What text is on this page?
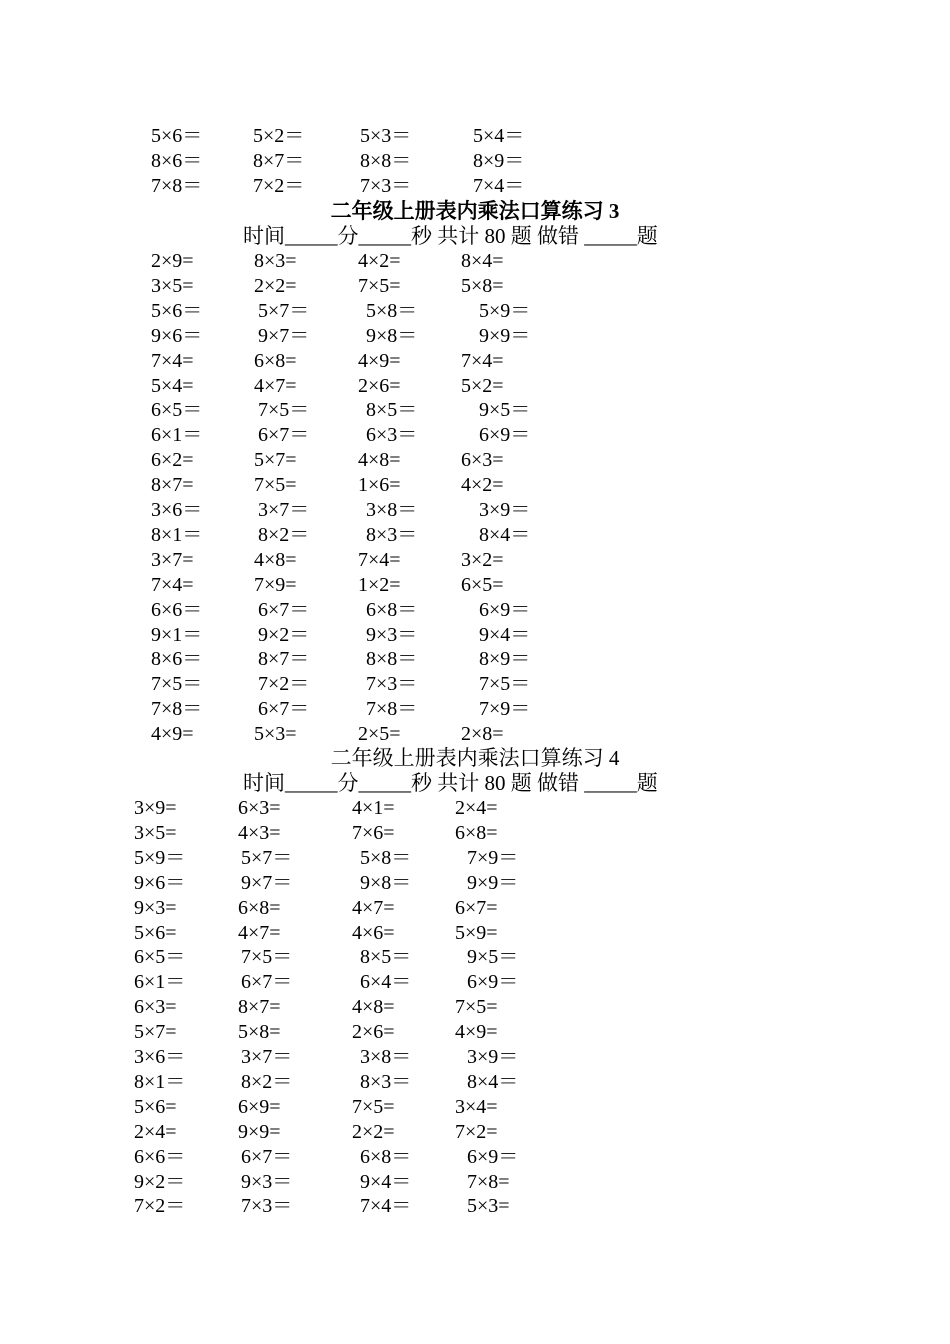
5×6＝	5×2＝	5×3＝	5×4＝
8×6＝	8×7＝	8×8＝	8×9＝
7×8＝	7×2＝	7×3＝	7×4＝
二年级上册表内乘法口算练习 3
时间_____分_____秒 共计 80 题 做错 _____题
2×9=	8×3=	4×2=	8×4=
3×5=	2×2=	7×5=	5×8=
5×6＝	5×7＝	5×8＝	5×9＝
9×6＝	9×7＝	9×8＝	9×9＝
7×4=	6×8=	4×9=	7×4=
5×4=	4×7=	2×6=	5×2=
6×5＝	7×5＝	8×5＝	9×5＝
6×1＝	6×7＝	6×3＝	6×9＝
6×2=	5×7=	4×8=	6×3=
8×7=	7×5=	1×6=	4×2=
3×6＝	3×7＝	3×8＝	3×9＝
8×1＝	8×2＝	8×3＝	8×4＝
3×7=	4×8=	7×4=	3×2=
7×4=	7×9=	1×2=	6×5=
6×6＝	6×7＝	6×8＝	6×9＝
9×1＝	9×2＝	9×3＝	9×4＝
8×6＝	8×7＝	8×8＝	8×9＝
7×5＝	7×2＝	7×3＝	7×5＝
7×8＝	6×7＝	7×8＝	7×9＝
4×9=	5×3=	2×5=	2×8=
二年级上册表内乘法口算练习 4
时间_____分_____秒 共计 80 题 做错 _____题
3×9=	6×3=	4×1=	2×4=
3×5=	4×3=	7×6=	6×8=
5×9＝	5×7＝	5×8＝	7×9＝
9×6＝	9×7＝	9×8＝	9×9＝
9×3=	6×8=	4×7=	6×7=
5×6=	4×7=	4×6=	5×9=
6×5＝	7×5＝	8×5＝	9×5＝
6×1＝	6×7＝	6×4＝	6×9＝
6×3=	8×7=	4×8=	7×5=
5×7=	5×8=	2×6=	4×9=
3×6＝	3×7＝	3×8＝	3×9＝
8×1＝	8×2＝	8×3＝	8×4＝
5×6=	6×9=	7×5=	3×4=
2×4=	9×9=	2×2=	7×2=
6×6＝	6×7＝	6×8＝	6×9＝
9×2＝	9×3＝	9×4＝	7×8=
7×2＝	7×3＝	7×4＝	5×3=
